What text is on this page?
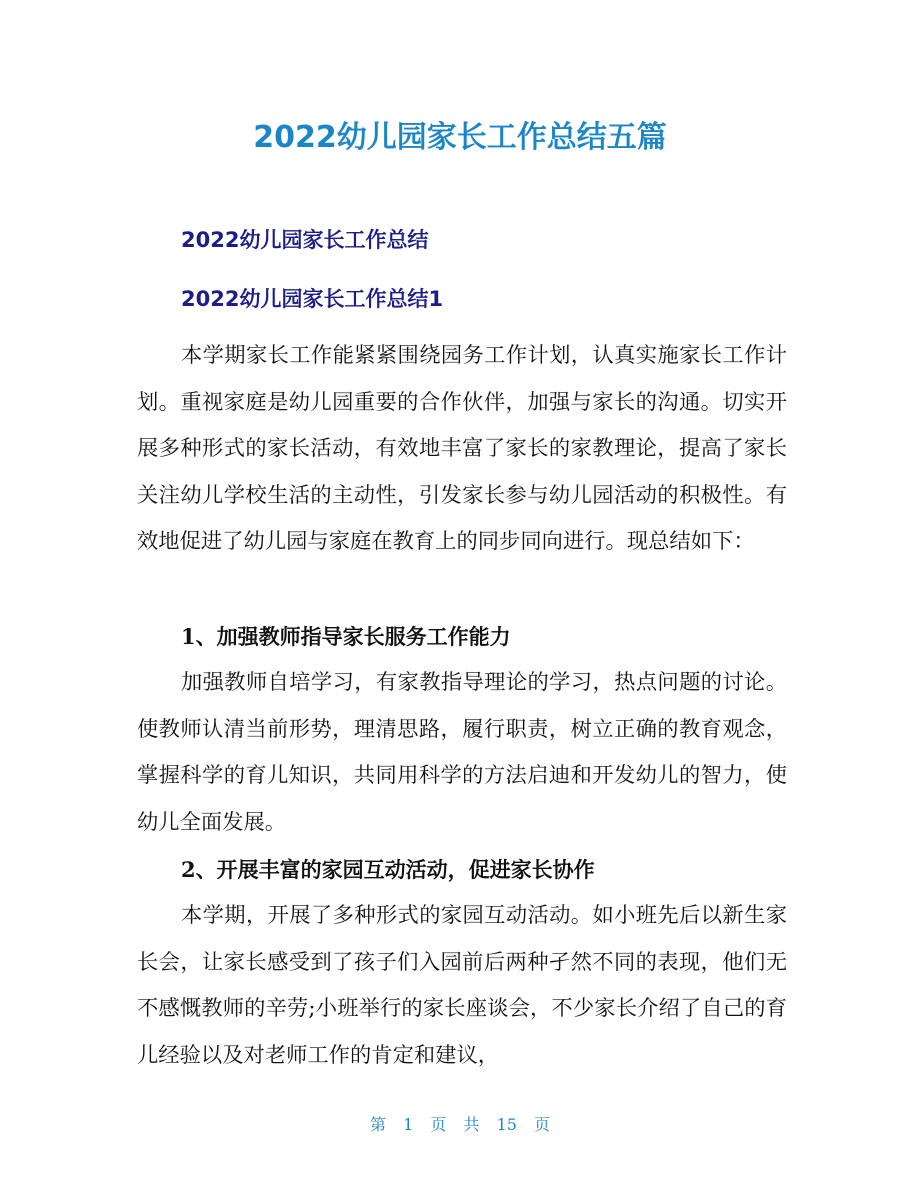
2022幼儿园家长工作总结五篇
2022幼儿园家长工作总结
2022幼儿园家长工作总结1

本学期家长工作能紧紧围绕园务工作计划，认真实施家长工作计划。重视家庭是幼儿园重要的合作伙伴，加强与家长的沟通。切实开展多种形式的家长活动，有效地丰富了家长的家教理论，提高了家长关注幼儿学校生活的主动性，引发家长参与幼儿园活动的积极性。有效地促进了幼儿园与家庭在教育上的同步同向进行。现总结如下：

1、加强教师指导家长服务工作能力

加强教师自培学习，有家教指导理论的学习，热点问题的讨论。使教师认清当前形势，理清思路，履行职责，树立正确的教育观念，掌握科学的育儿知识，共同用科学的方法启迪和开发幼儿的智力，使幼儿全面发展。

2、开展丰富的家园互动活动，促进家长协作

本学期，开展了多种形式的家园互动活动。如小班先后以新生家长会，让家长感受到了孩子们入园前后两种孑然不同的表现，他们无不感慨教师的辛劳;小班举行的家长座谈会，不少家长介绍了自己的育儿经验以及对老师工作的肯定和建议，

第 1 页 共 15 页
